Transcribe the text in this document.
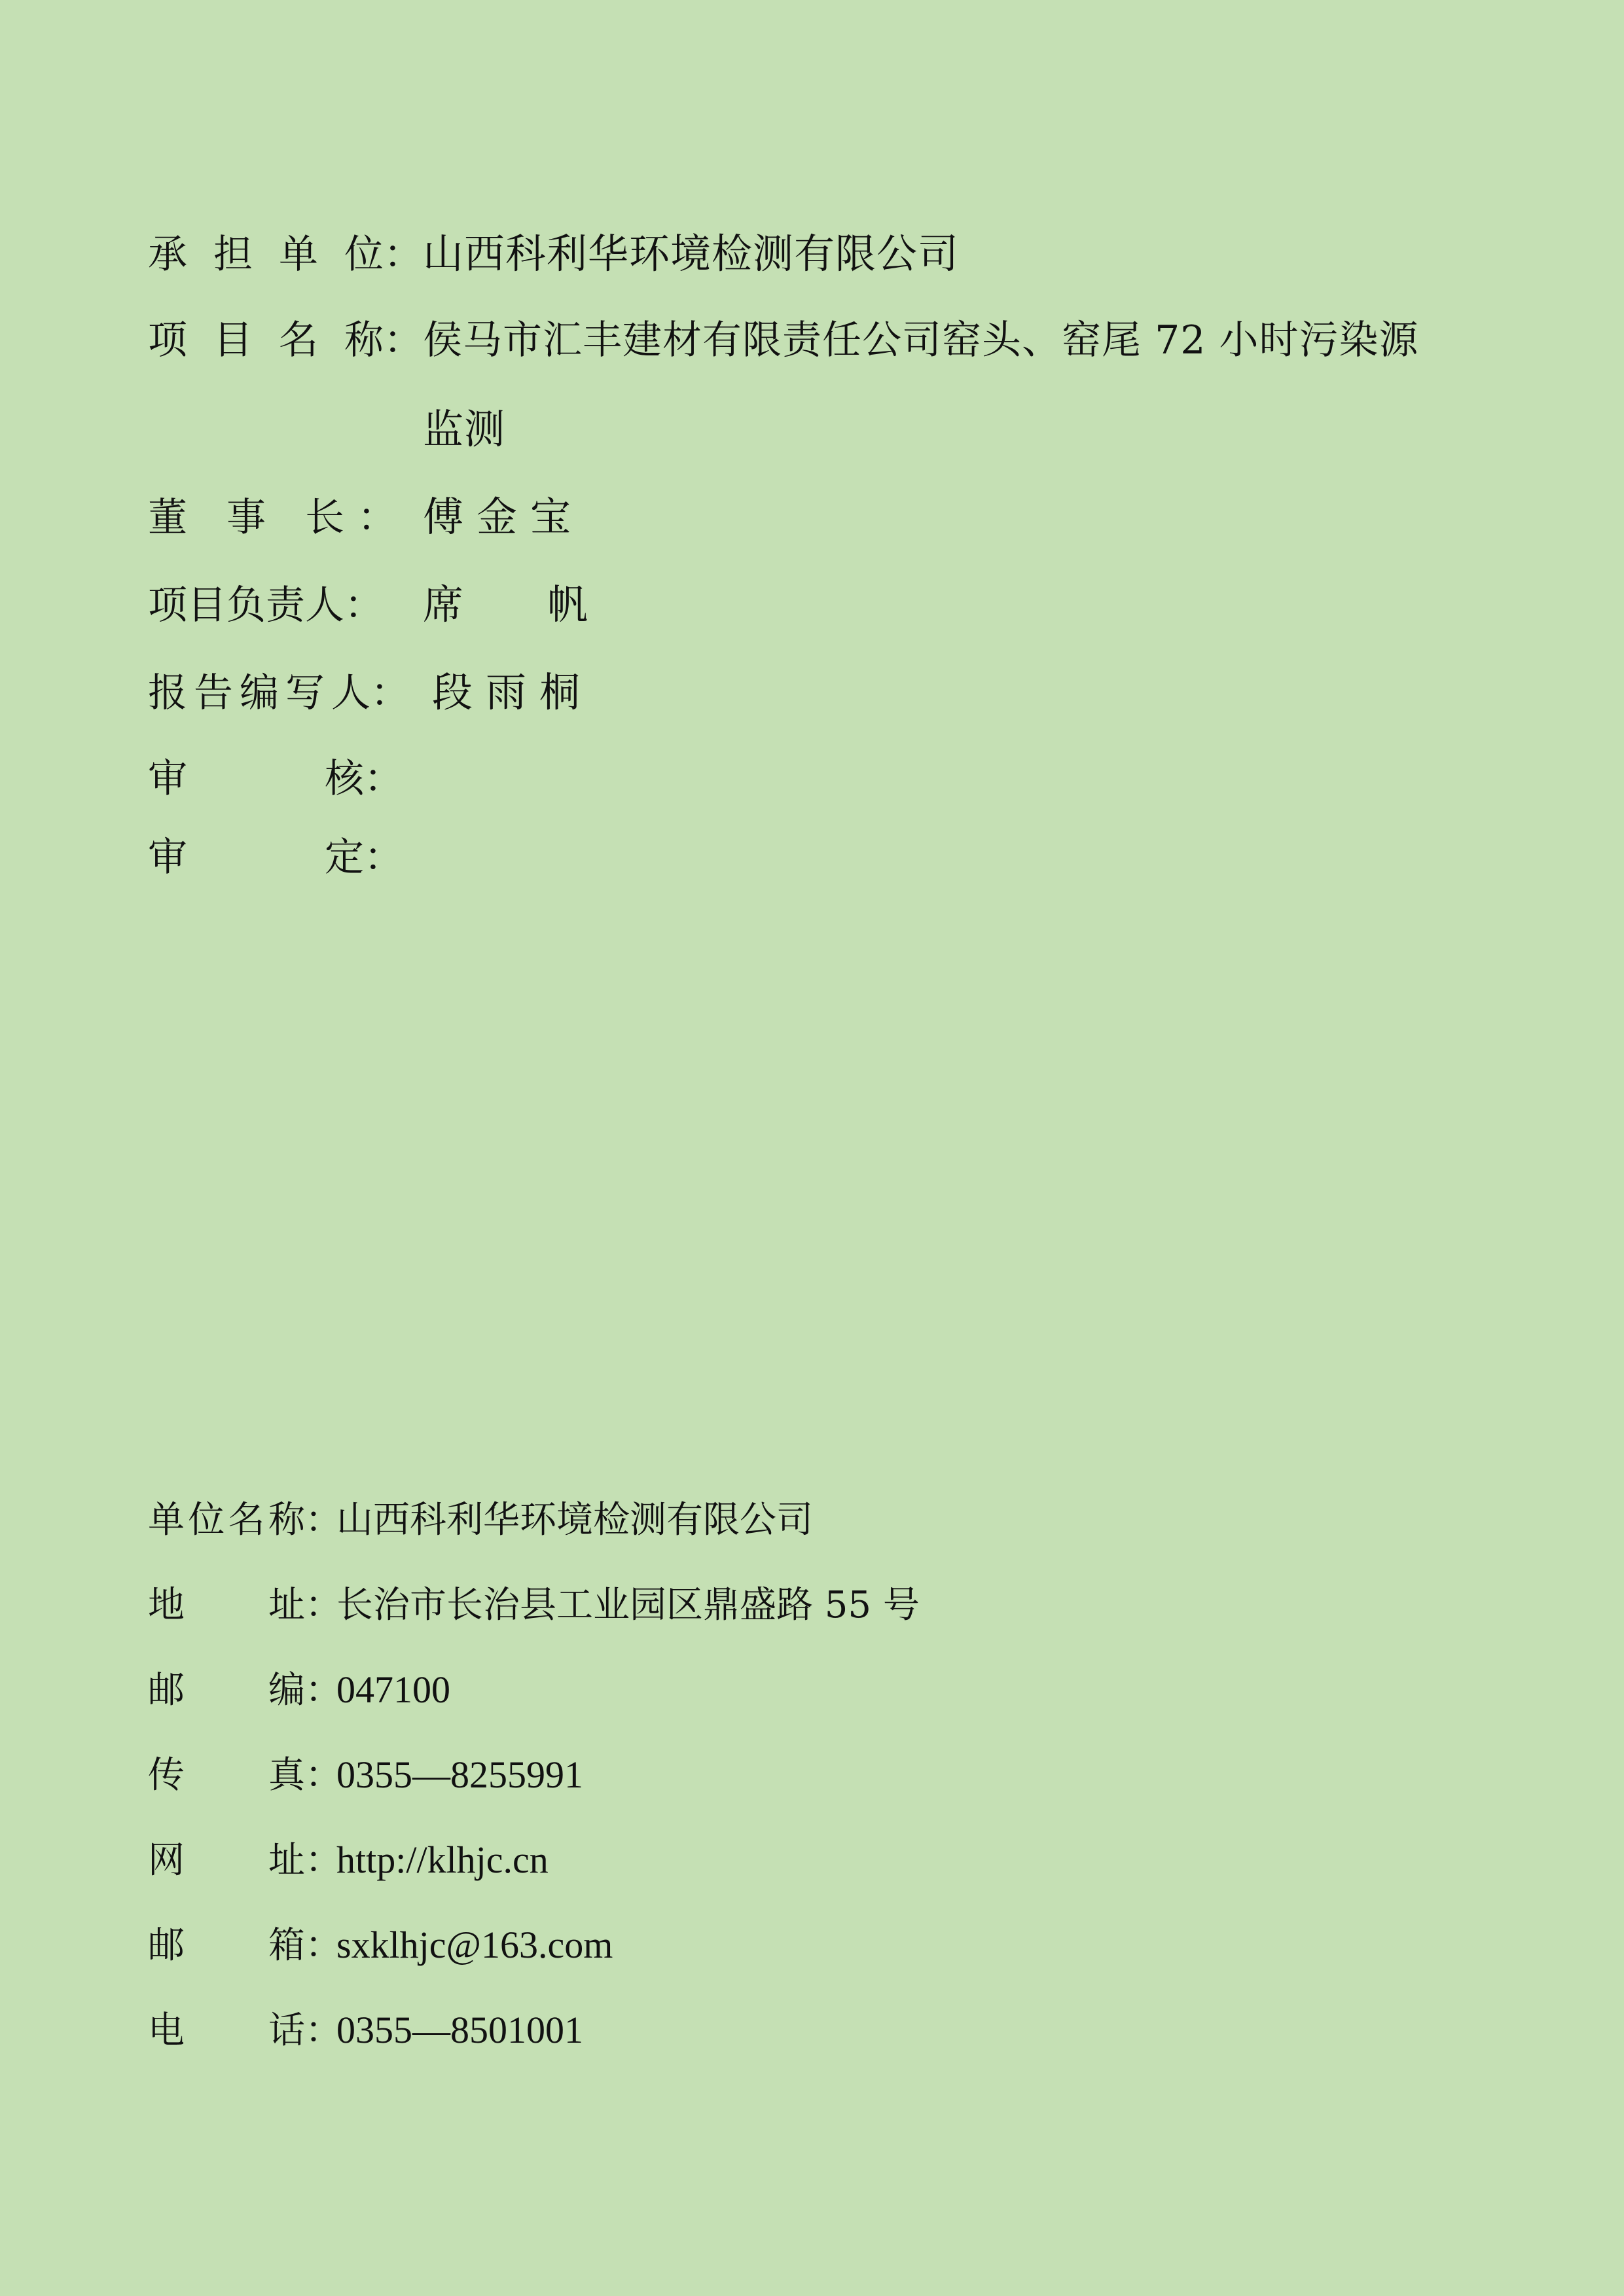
承担单位 ： 山西科利华环境检测有限公司
项目名称 ： 侯马市汇丰建材有限责任公司窑头、窑尾 72 小时污染源
监测
董事长 ： 傅金宝
项目负责人 ： 席帆
报告编写人 ： 段雨桐
审核 ：
审定 ：
单位名称 ：
山西科利华环境检测有限公司
地址 ：
长治市长治县工业园区鼎盛路 55 号
邮编 ：
047100
传真 ：
0355—8255991
网址 ：
http://klhjc.cn
邮箱 ：
sxklhjc@163.com
电话 ：
0355—8501001
